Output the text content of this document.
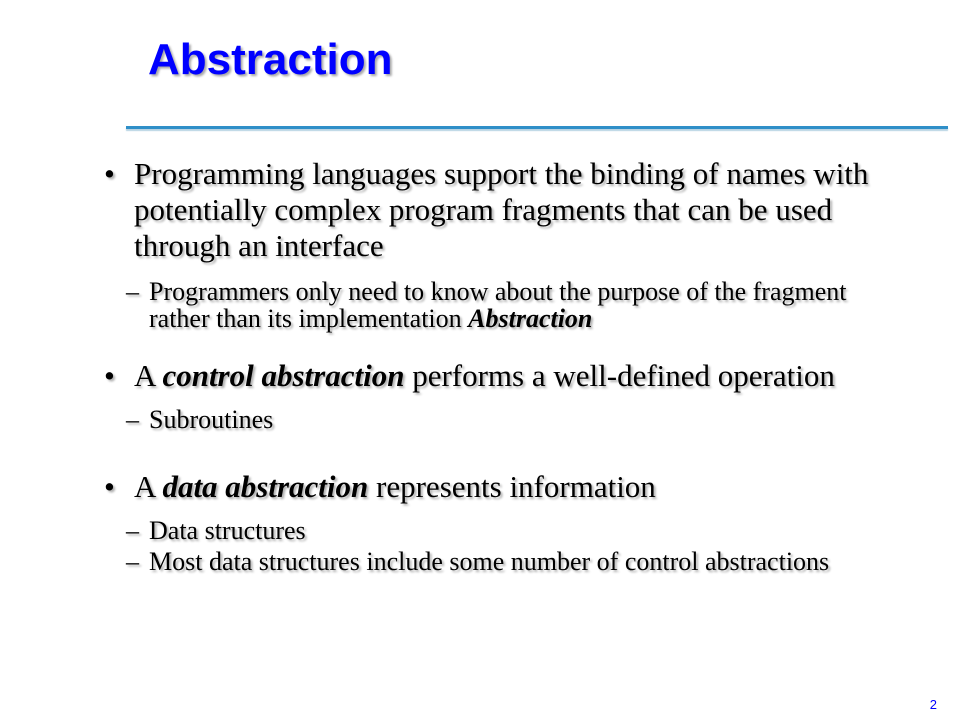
Abstraction
• Programming languages support the binding of names with potentially complex program fragments that can be used through an interface
– Programmers only need to know about the purpose of the fragment rather than its implementation Abstraction
• A control abstraction performs a well-defined operation
– Subroutines
• A data abstraction represents information
– Data structures
– Most data structures include some number of control abstractions
2
